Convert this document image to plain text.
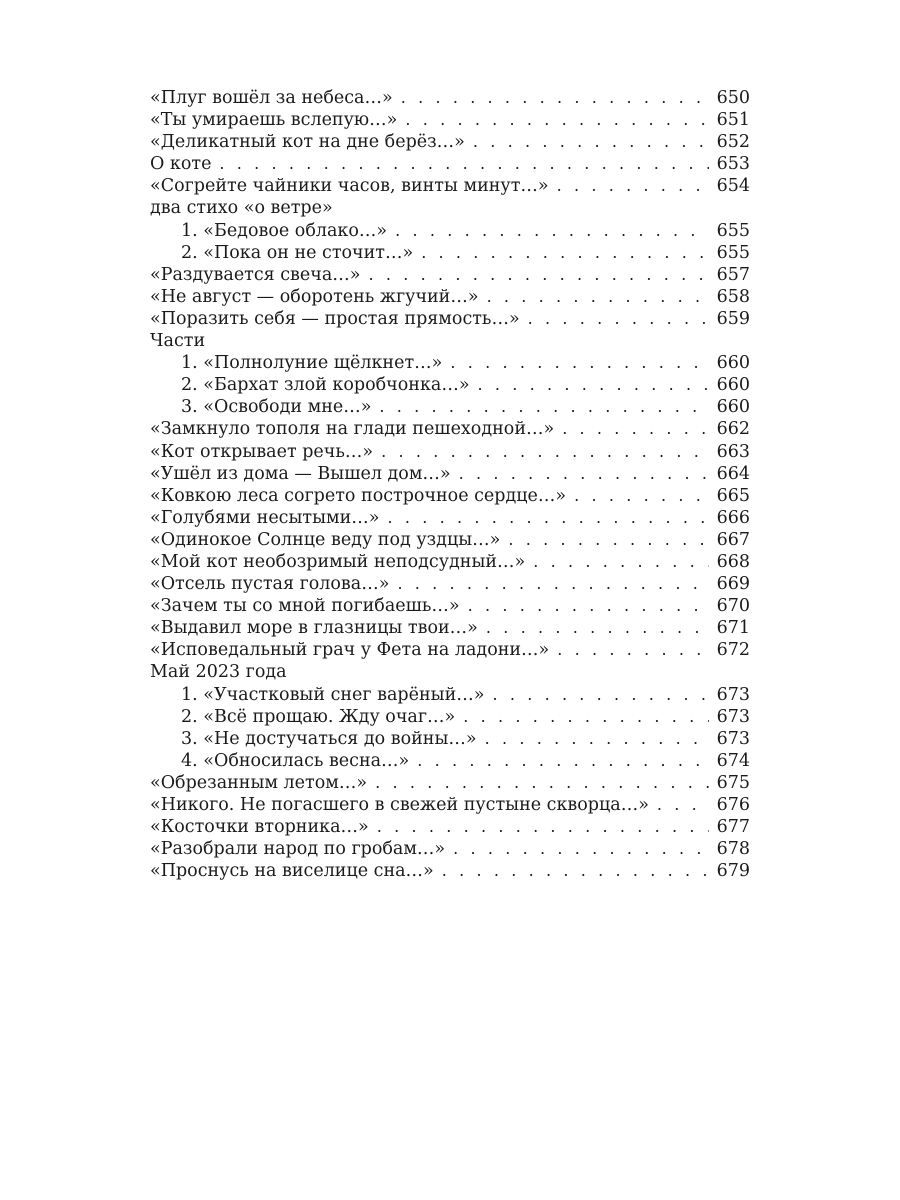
«Плуг вошёл за небеса…» . . .	650
«Ты умираешь вслепую…» . . .	651
«Деликатный кот на дне берёз…» . . .	652
О коте . . .	653
«Согрейте чайники часов, винты минут…» . . .	654
два стихо «о ветре»
1. «Бедовое облако…» . . .	655
2. «Пока он не сточит…» . . .	655
«Раздувается свеча…» . . .	657
«Не август — оборотень жгучий…» . . .	658
«Поразить себя — простая прямость…» . . .	659
Части
1. «Полнолуние щёлкнет…» . . .	660
2. «Бархат злой коробчонка…» . . .	660
3. «Освободи мне…» . . .	660
«Замкнуло тополя на глади пешеходной…» . . .	662
«Кот открывает речь…» . . .	663
«Ушёл из дома — Вышел дом…» . . .	664
«Ковкою леса согрето построчное сердце…» . . .	665
«Голубями несытыми…» . . .	666
«Одинокое Солнце веду под уздцы…» . . .	667
«Мой кот необозримый неподсудный…» . . .	668
«Отсель пустая голова…» . . .	669
«Зачем ты со мной погибаешь…» . . .	670
«Выдавил море в глазницы твои…» . . .	671
«Исповедальный грач у Фета на ладони…» . . .	672
Май 2023 года
1. «Участковый снег варёный…» . . .	673
2. «Всё прощаю. Жду очаг…» . . .	673
3. «Не достучаться до войны…» . . .	673
4. «Обносилась весна…» . . .	674
«Обрезанным летом…» . . .	675
«Никого. Не погасшего в свежей пустыне скворца…» . . .	676
«Косточки вторника…» . . .	677
«Разобрали народ по гробам…» . . .	678
«Проснусь на виселице сна…» . . .	679
